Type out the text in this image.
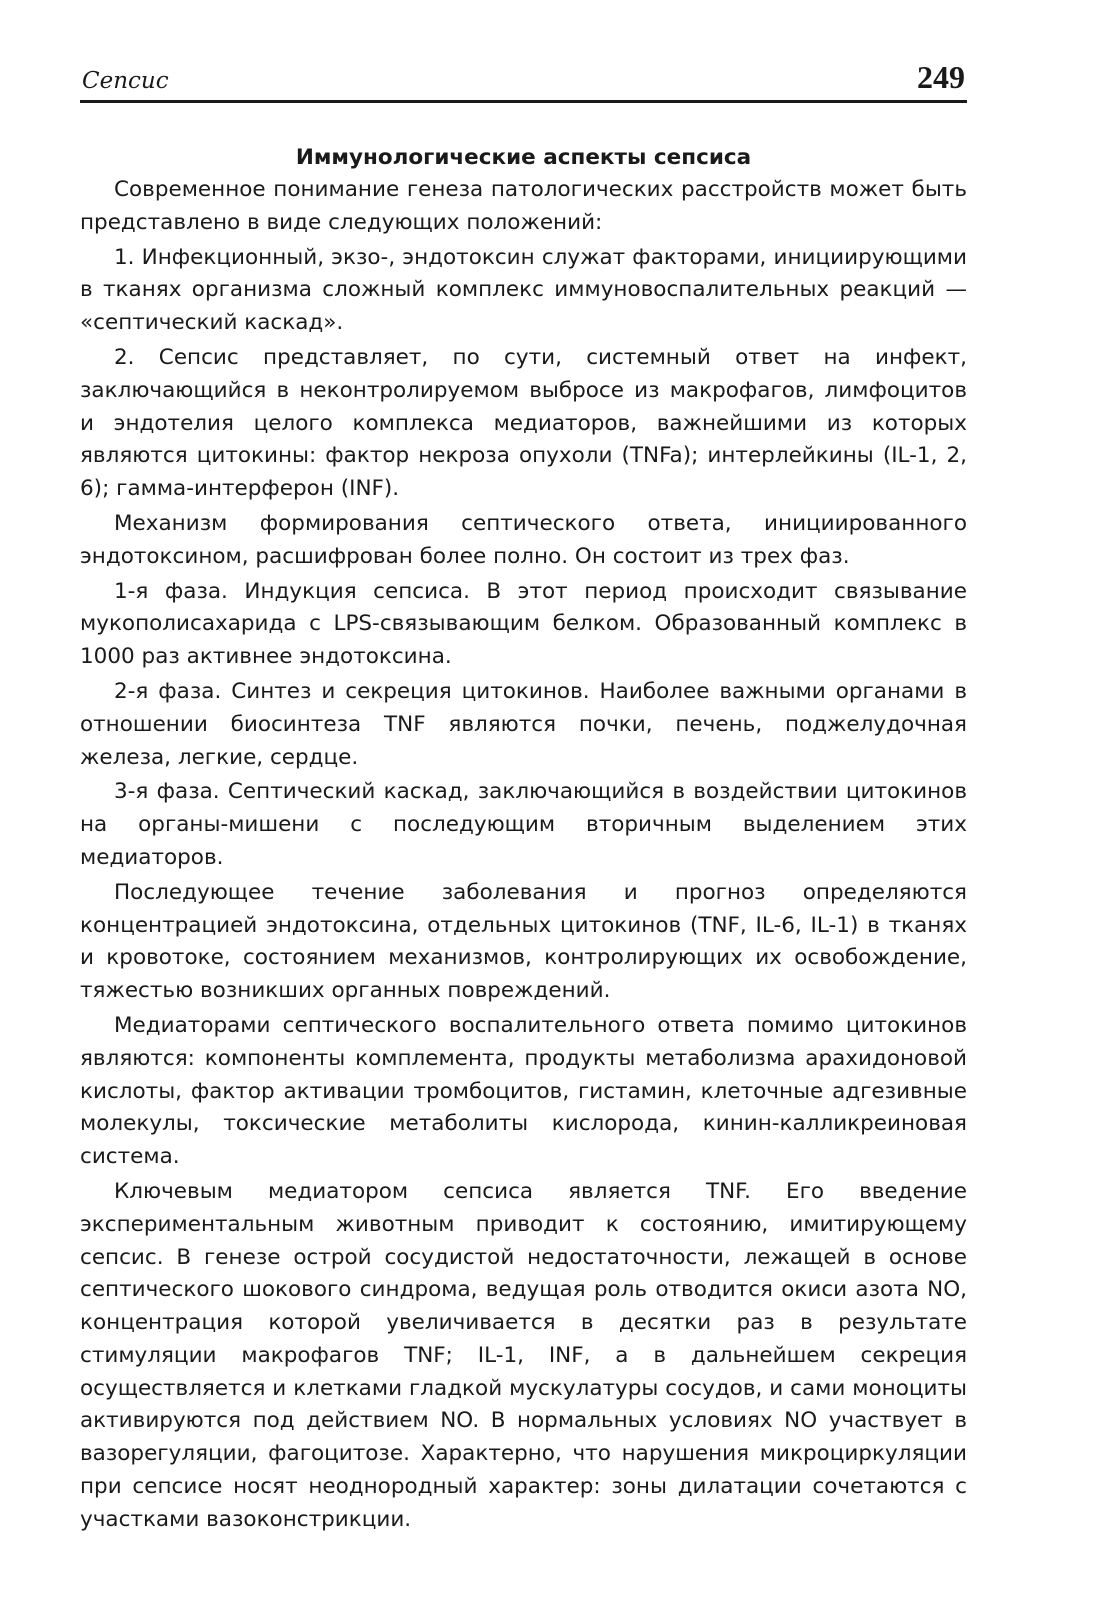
Сепсис	249
Иммунологические аспекты сепсиса

Современное понимание генеза патологических расстройств может быть представлено в виде следующих положений:

1. Инфекционный, экзо-, эндотоксин служат факторами, инициирующими в тканях организма сложный комплекс иммуновоспалительных реакций — «септический каскад».

2. Сепсис представляет, по сути, системный ответ на инфект, заключающийся в неконтролируемом выбросе из макрофагов, лимфоцитов и эндотелия целого комплекса медиаторов, важнейшими из которых являются цитокины: фактор некроза опухоли (TNFa); интерлейкины (IL-1, 2, 6); гамма-интерферон (INF).

Механизм формирования септического ответа, инициированного эндотоксином, расшифрован более полно. Он состоит из трех фаз.

1-я фаза. Индукция сепсиса. В этот период происходит связывание мукополисахарида с LPS-связывающим белком. Образованный комплекс в 1000 раз активнее эндотоксина.

2-я фаза. Синтез и секреция цитокинов. Наиболее важными органами в отношении биосинтеза TNF являются почки, печень, поджелудочная железа, легкие, сердце.

3-я фаза. Септический каскад, заключающийся в воздействии цитокинов на органы-мишени с последующим вторичным выделением этих медиаторов.

Последующее течение заболевания и прогноз определяются концентрацией эндотоксина, отдельных цитокинов (TNF, IL-6, IL-1) в тканях и кровотоке, состоянием механизмов, контролирующих их освобождение, тяжестью возникших органных повреждений.

Медиаторами септического воспалительного ответа помимо цитокинов являются: компоненты комплемента, продукты метаболизма арахидоновой кислоты, фактор активации тромбоцитов, гистамин, клеточные адгезивные молекулы, токсические метаболиты кислорода, кинин-калликреиновая система.

Ключевым медиатором сепсиса является TNF. Его введение экспериментальным животным приводит к состоянию, имитирующему сепсис. В генезе острой сосудистой недостаточности, лежащей в основе септического шокового синдрома, ведущая роль отводится окиси азота NO, концентрация которой увеличивается в десятки раз в результате стимуляции макрофагов TNF; IL-1, INF, а в дальнейшем секреция осуществляется и клетками гладкой мускулатуры сосудов, и сами моноциты активируются под действием NO. В нормальных условиях NO участвует в вазорегуляции, фагоцитозе. Характерно, что нарушения микроциркуляции при сепсисе носят неоднородный характер: зоны дилатации сочетаются с участками вазоконстрикции.
